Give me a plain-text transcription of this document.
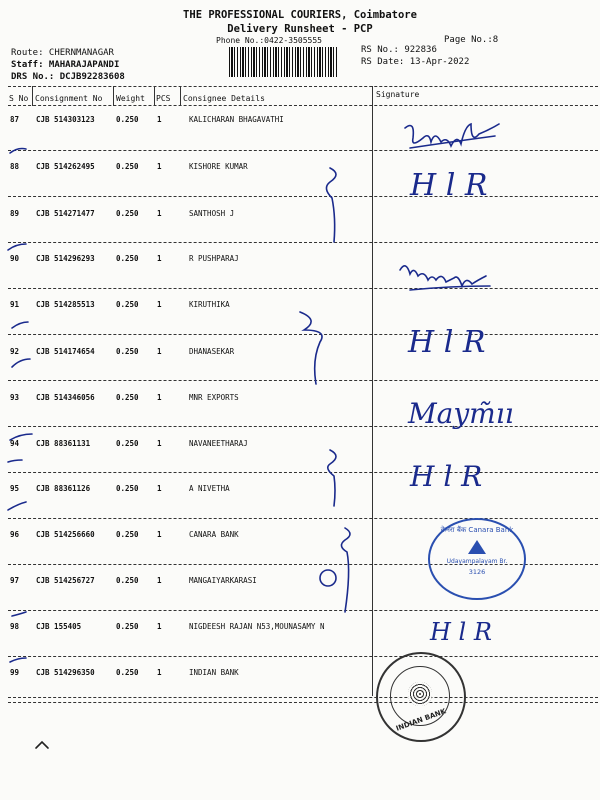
THE PROFESSIONAL COURIERS, Coimbatore
Delivery Runsheet - PCP
Phone No.:0422-3505555	Page No.:8
Route: CHERNMANAGAR
Staff: MAHARAJAPANDI
DRS No.: DCJB92283608
RS No.: 922836
RS Date: 13-Apr-2022
S No Consignment No Weight PCS Consignee Details	Signature
87 CJB 514303123	0.250 1	KALICHARAN BHAGAVATHI
88 CJB 514262495	0.250 1	KISHORE KUMAR
89 CJB 514271477	0.250 1	SANTHOSH J
90 CJB 514296293	0.250 1	R PUSHPARAJ
91 CJB 514285513	0.250 1	KIRUTHIKA
92 CJB 514174654	0.250 1	DHANASEKAR
93 CJB 514346056	0.250 1	MNR EXPORTS
94 CJB 88361131	0.250 1	NAVANEETHARAJ
95 CJB 88361126	0.250 1	A NIVETHA
96 CJB 514256660	0.250 1	CANARA BANK
97 CJB 514256727	0.250 1	MANGAIYARKARASI
98 CJB 155405	0.250 1	NIGDEESH RAJAN N53,MOUNASAMY N
99 CJB 514296350	0.250 1	INDIAN BANK
H l R
H l R
Maym̃ıı
H l R
H l R
केनरा बैंक Canara Bank
Udayampalayam Br.
3126
INDIAN BANK
